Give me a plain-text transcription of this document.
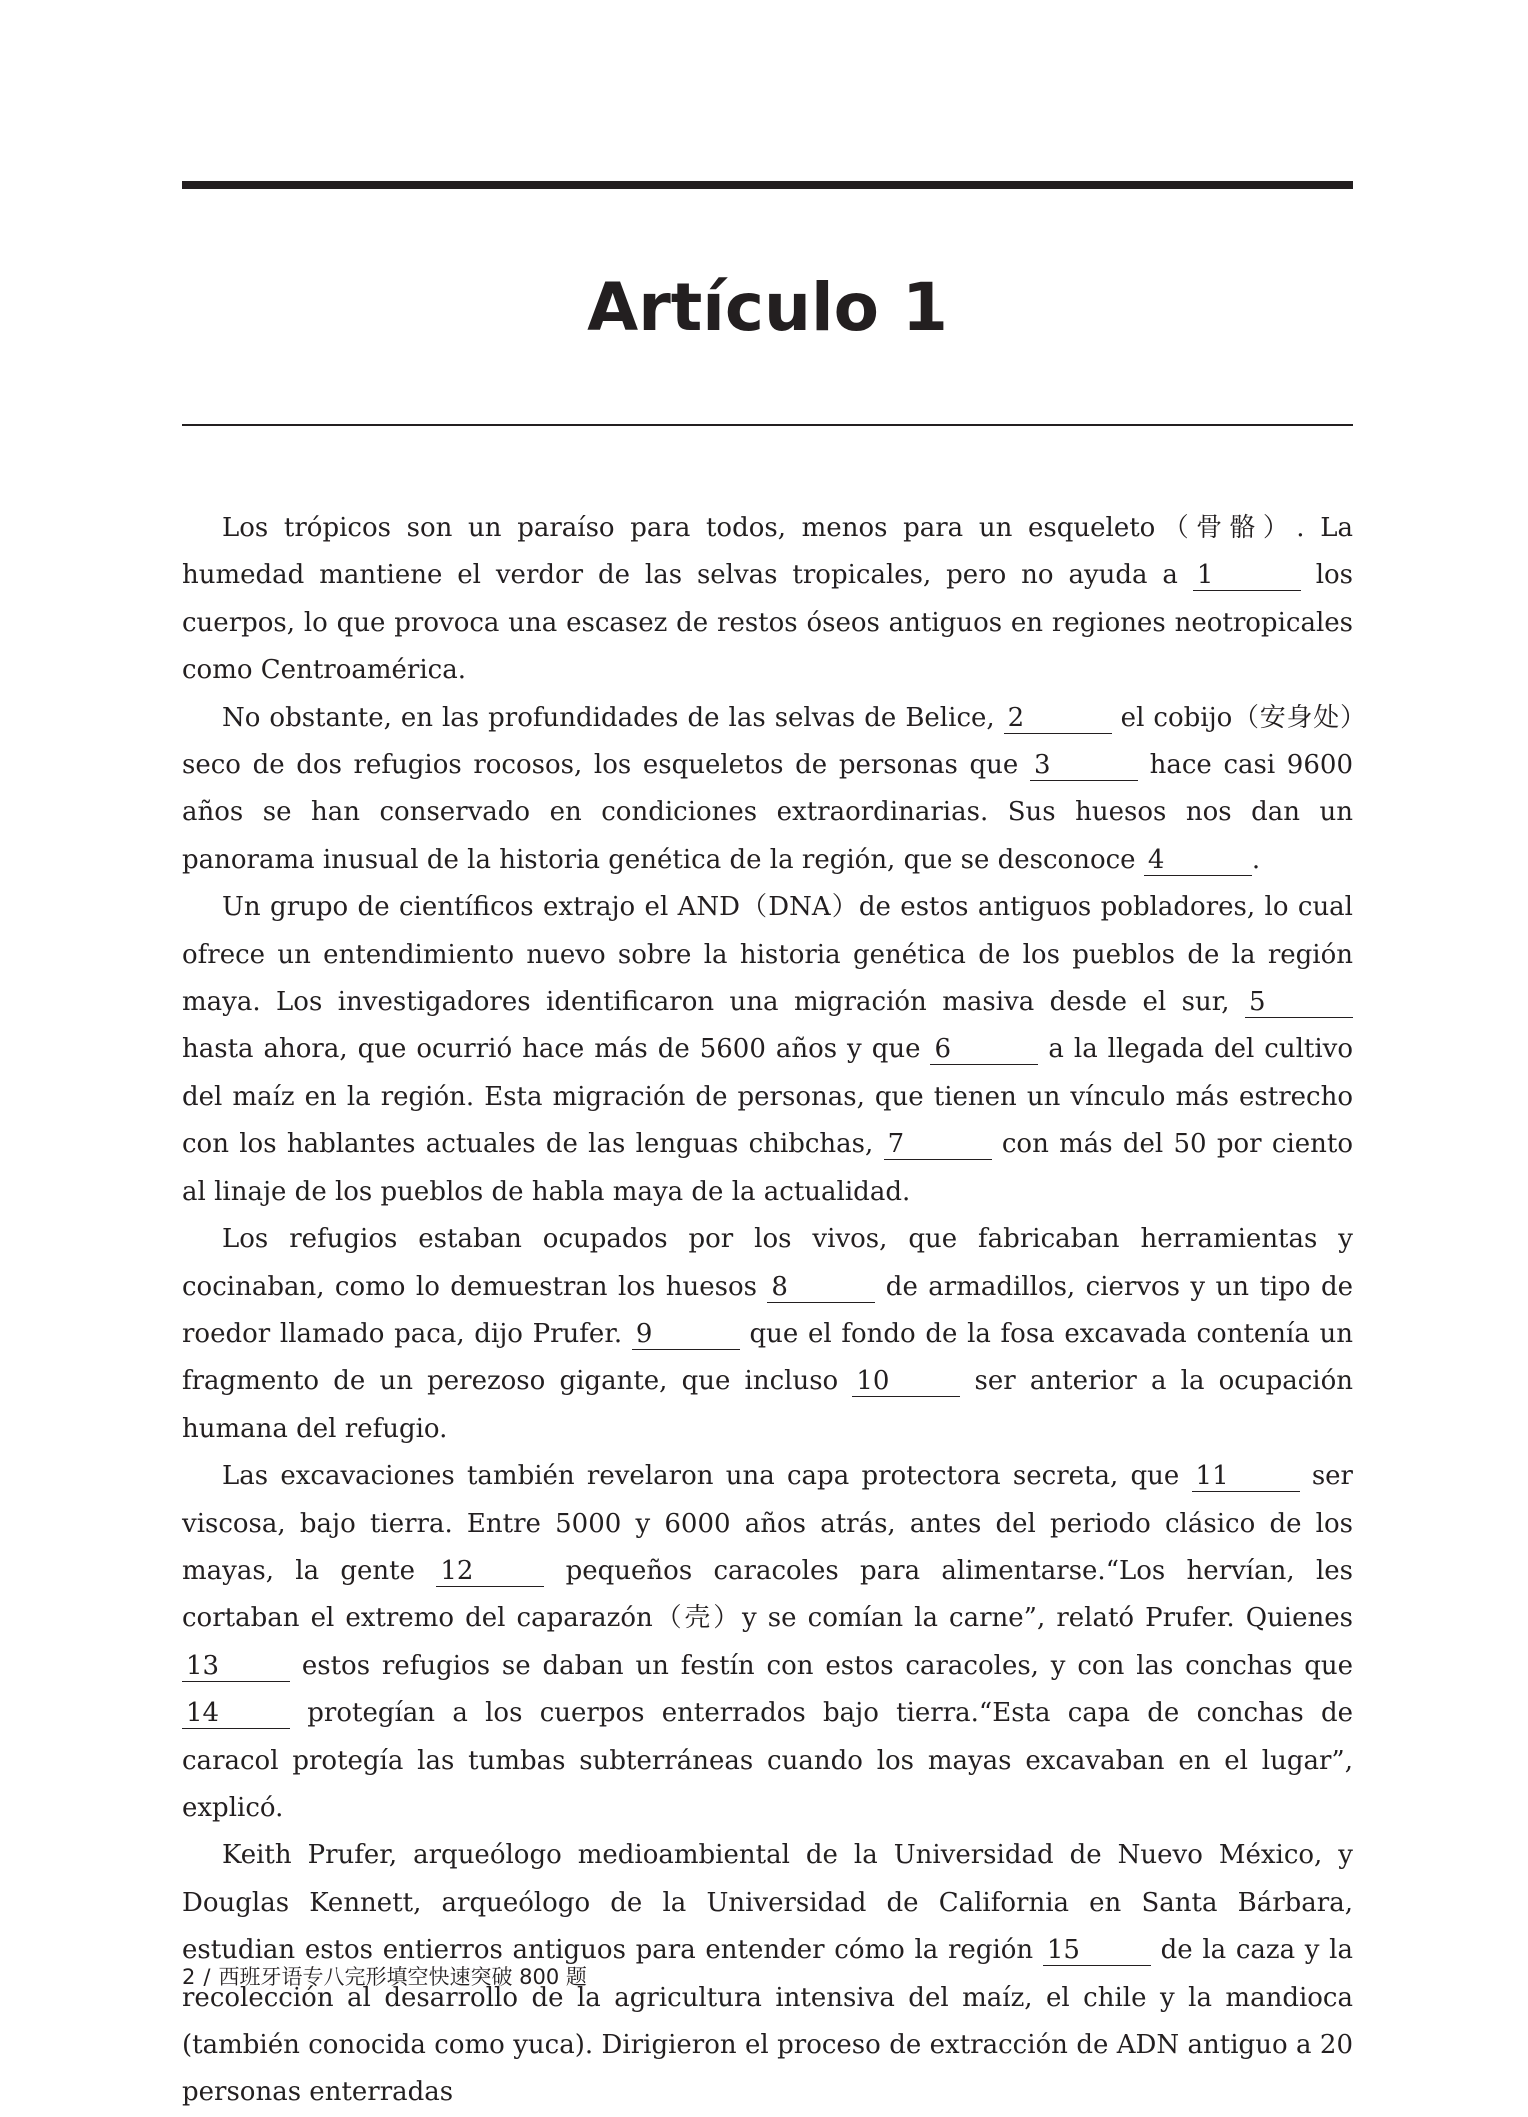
Artículo 1

Los trópicos son un paraíso para todos, menos para un esqueleto（骨骼）. La humedad mantiene el verdor de las selvas tropicales, pero no ayuda a 1	los cuerpos, lo que provoca una escasez de restos óseos antiguos en regiones neotropicales como Centroamérica.

No obstante, en las profundidades de las selvas de Belice, 2	el cobijo（安身处）seco de dos refugios rocosos, los esqueletos de personas que 3	hace casi 9600 años se han conservado en condiciones extraordinarias. Sus huesos nos dan un panorama inusual de la historia genética de la región, que se desconoce 4	.

Un grupo de científicos extrajo el AND（DNA）de estos antiguos pobladores, lo cual ofrece un entendimiento nuevo sobre la historia genética de los pueblos de la región maya. Los investigadores identificaron una migración masiva desde el sur, 5 hasta ahora, que ocurrió hace más de 5600 años y que 6	a la llegada del cultivo del maíz en la región. Esta migración de personas, que tienen un vínculo más estrecho con los hablantes actuales de las lenguas chibchas, 7	con más del 50 por ciento al linaje de los pueblos de habla maya de la actualidad.

Los refugios estaban ocupados por los vivos, que fabricaban herramientas y cocinaban, como lo demuestran los huesos 8	de armadillos, ciervos y un tipo de roedor llamado paca, dijo Prufer. 9	que el fondo de la fosa excavada contenía un fragmento de un perezoso gigante, que incluso 10	ser anterior a la ocupación humana del refugio.

Las excavaciones también revelaron una capa protectora secreta, que 11	ser viscosa, bajo tierra. Entre 5000 y 6000 años atrás, antes del periodo clásico de los mayas, la gente 12	pequeños caracoles para alimentarse.“Los hervían, les cortaban el extremo del caparazón（壳）y se comían la carne”, relató Prufer. Quienes 13	estos refugios se daban un festín con estos caracoles, y con las conchas que 14	protegían a los cuerpos enterrados bajo tierra.“Esta capa de conchas de caracol protegía las tumbas subterráneas cuando los mayas excavaban en el lugar”, explicó.

Keith Prufer, arqueólogo medioambiental de la Universidad de Nuevo México, y Douglas Kennett, arqueólogo de la Universidad de California en Santa Bárbara, estudian estos entierros antiguos para entender cómo la región 15	de la caza y la recolección al desarrollo de la agricultura intensiva del maíz, el chile y la mandioca (también conocida como yuca). Dirigieron el proceso de extracción de ADN antiguo a 20 personas enterradas

2 / 西班牙语专八完形填空快速突破 800 题
